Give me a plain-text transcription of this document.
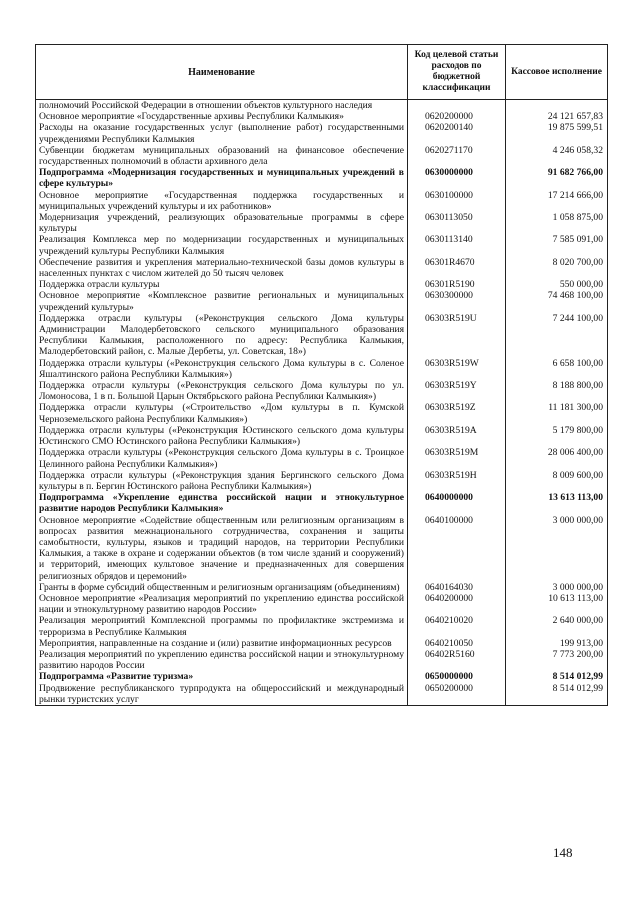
Наименование	Код целевой статьи расходов по бюджетной классификации	Кассовое исполнение
полномочий Российской Федерации в отношении объектов культурного наследия		
Основное мероприятие «Государственные архивы Республики Калмыкия»	0620200000	24 121 657,83
Расходы на оказание государственных услуг (выполнение работ) государственными учреждениями Республики Калмыкия	0620200140	19 875 599,51
Субвенции бюджетам муниципальных образований на финансовое обеспечение государственных полномочий в области архивного дела	0620271170	4 246 058,32
Подпрограмма «Модернизация государственных и муниципальных учреждений в сфере культуры»	0630000000	91 682 766,00
Основное мероприятие «Государственная поддержка государственных и муниципальных учреждений культуры и их работников»	0630100000	17 214 666,00
Модернизация учреждений, реализующих образовательные программы в сфере культуры	0630113050	1 058 875,00
Реализация Комплекса мер по модернизации государственных и муниципальных учреждений культуры Республики Калмыкия	0630113140	7 585 091,00
Обеспечение развития и укрепления материально-технической базы домов культуры в населенных пунктах с числом жителей до 50 тысяч человек	06301R4670	8 020 700,00
Поддержка отрасли культуры	06301R5190	550 000,00
Основное мероприятие «Комплексное развитие региональных и муниципальных учреждений культуры»	0630300000	74 468 100,00
Поддержка отрасли культуры («Реконструкция сельского Дома культуры Администрации Малодербетовского сельского муниципального образования Республики Калмыкия, расположенного по адресу: Республика Калмыкия, Малодербетовский район, с. Малые Дербеты, ул. Советская, 18»)	06303R519U	7 244 100,00
Поддержка отрасли культуры («Реконструкция сельского Дома культуры в с. Соленое Яшалтинского района Республики Калмыкия»)	06303R519W	6 658 100,00
Поддержка отрасли культуры («Реконструкция сельского Дома культуры по ул. Ломоносова, 1 в п. Большой Царын Октябрьского района Республики Калмыкия»)	06303R519Y	8 188 800,00
Поддержка отрасли культуры («Строительство «Дом культуры в п. Кумской Черноземельского района Республики Калмыкия»)	06303R519Z	11 181 300,00
Поддержка отрасли культуры («Реконструкция Юстинского сельского дома культуры Юстинского СМО Юстинского района Республики Калмыкия»)	06303R519A	5 179 800,00
Поддержка отрасли культуры («Реконструкция сельского Дома культуры в с. Троицкое Целинного района Республики Калмыкия»)	06303R519M	28 006 400,00
Поддержка отрасли культуры («Реконструкция здания Бергинского сельского Дома культуры в п. Бергин Юстинского района Республики Калмыкия»)	06303R519H	8 009 600,00
Подпрограмма «Укрепление единства российской нации и этнокультурное развитие народов Республики Калмыкия»	0640000000	13 613 113,00
Основное мероприятие «Содействие общественным или религиозным организациям в вопросах развития межнационального сотрудничества, сохранения и защиты самобытности, культуры, языков и традиций народов, на территории Республики Калмыкия, а также в охране и содержании объектов (в том числе зданий и сооружений) и территорий, имеющих культовое значение и предназначенных для совершения религиозных обрядов и церемоний»	0640100000	3 000 000,00
Гранты в форме субсидий общественным и религиозным организациям (объединениям)	0640164030	3 000 000,00
Основное мероприятие «Реализация мероприятий по укреплению единства российской нации и этнокультурному развитию народов России»	0640200000	10 613 113,00
Реализация мероприятий Комплексной программы по профилактике экстремизма и терроризма в Республике Калмыкия	0640210020	2 640 000,00
Мероприятия, направленные на создание и (или) развитие информационных ресурсов	0640210050	199 913,00
Реализация мероприятий по укреплению единства российской нации и этнокультурному развитию народов России	06402R5160	7 773 200,00
Подпрограмма «Развитие туризма»	0650000000	8 514 012,99
Продвижение республиканского турпродукта на общероссийский и международный рынки туристских услуг	0650200000	8 514 012,99
148
